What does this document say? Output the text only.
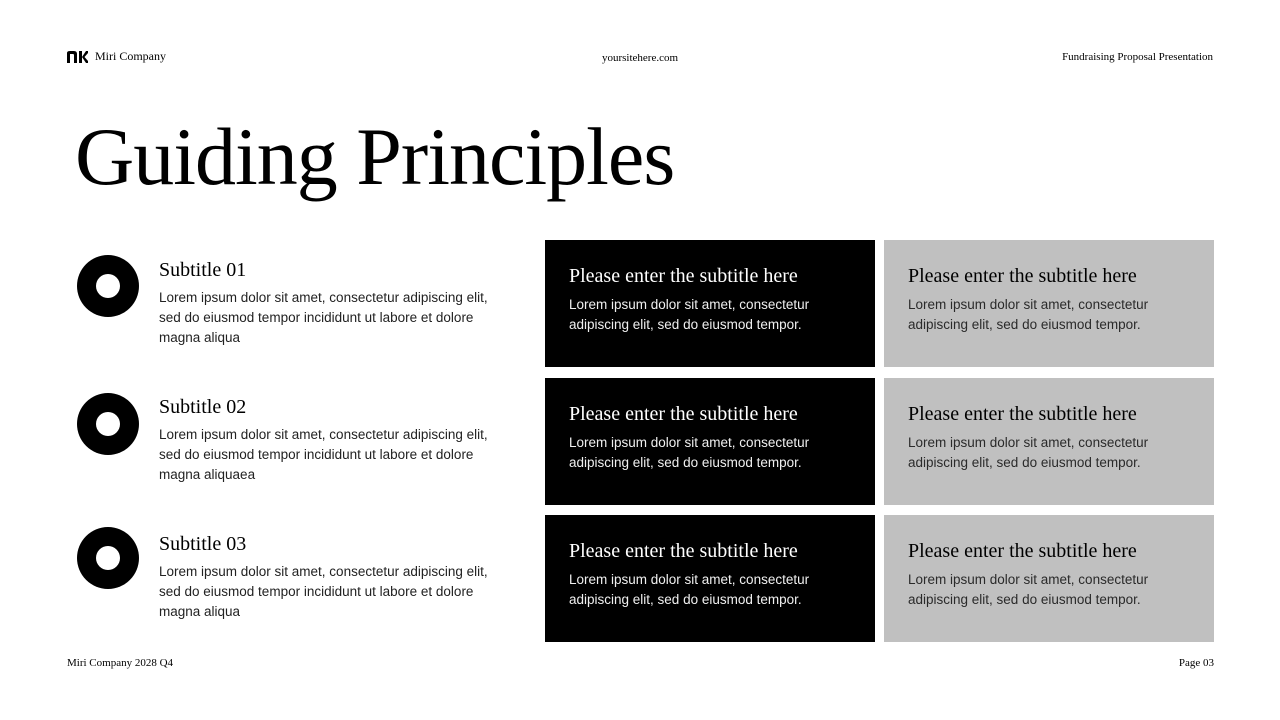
Miri Company	yoursitehere.com	Fundraising Proposal Presentation
Guiding Principles

Subtitle 01

Lorem ipsum dolor sit amet, consectetur adipiscing elit, sed do eiusmod tempor incididunt ut labore et dolore magna aliqua

Subtitle 02

Lorem ipsum dolor sit amet, consectetur adipiscing elit, sed do eiusmod tempor incididunt ut labore et dolore magna aliquaea

Subtitle 03

Lorem ipsum dolor sit amet, consectetur adipiscing elit, sed do eiusmod tempor incididunt ut labore et dolore magna aliqua

Please enter the subtitle here

Lorem ipsum dolor sit amet, consectetur adipiscing elit, sed do eiusmod tempor.

Please enter the subtitle here

Lorem ipsum dolor sit amet, consectetur adipiscing elit, sed do eiusmod tempor.

Please enter the subtitle here

Lorem ipsum dolor sit amet, consectetur adipiscing elit, sed do eiusmod tempor.

Please enter the subtitle here

Lorem ipsum dolor sit amet, consectetur adipiscing elit, sed do eiusmod tempor.

Please enter the subtitle here

Lorem ipsum dolor sit amet, consectetur adipiscing elit, sed do eiusmod tempor.

Please enter the subtitle here

Lorem ipsum dolor sit amet, consectetur adipiscing elit, sed do eiusmod tempor.

Miri Company 2028 Q4	Page 03
